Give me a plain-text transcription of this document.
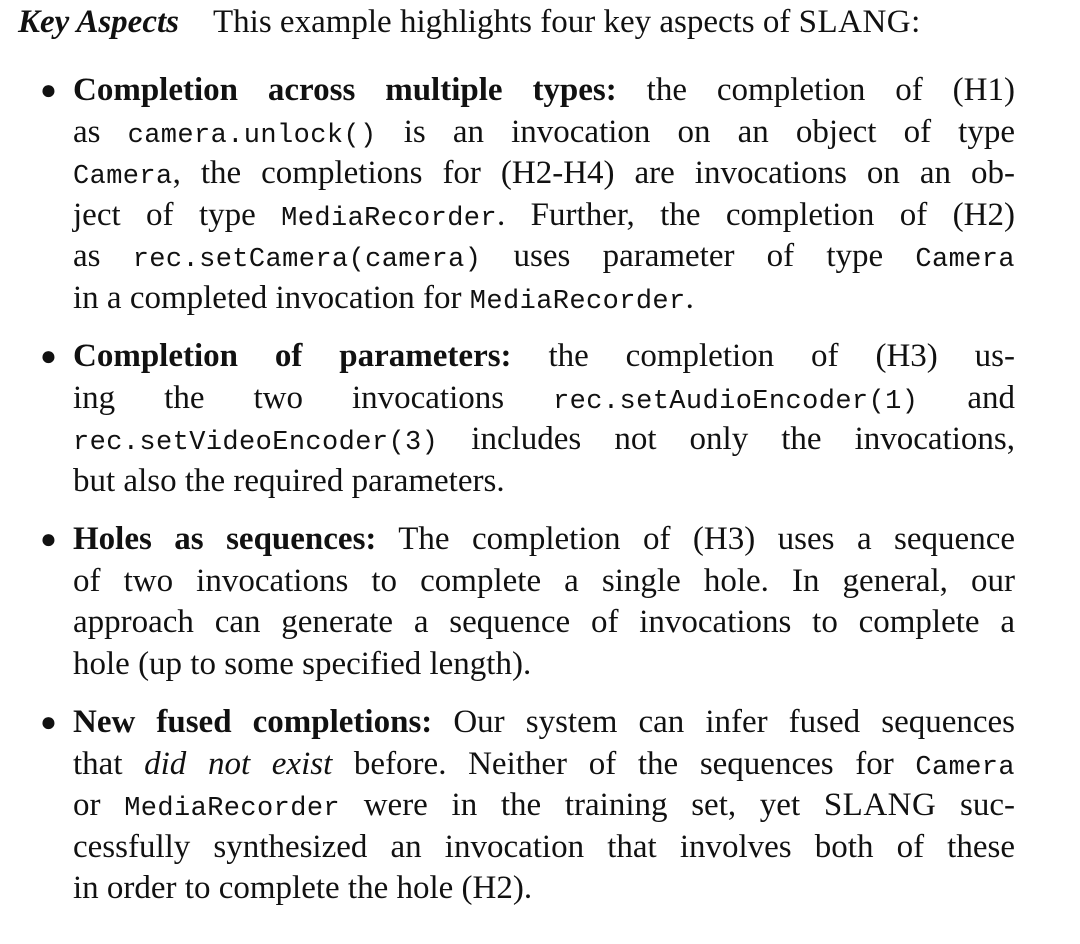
Key Aspects This example highlights four key aspects of SLANG:
● Completion across multiple types: the completion of (H1)
as camera.unlock() is an invocation on an object of type
Camera, the completions for (H2-H4) are invocations on an ob-
ject of type MediaRecorder. Further, the completion of (H2)
as rec.setCamera(camera) uses parameter of type Camera
in a completed invocation for MediaRecorder.
● Completion of parameters: the completion of (H3) us-
ing the two invocations rec.setAudioEncoder(1) and
rec.setVideoEncoder(3) includes not only the invocations,
but also the required parameters.
● Holes as sequences: The completion of (H3) uses a sequence
of two invocations to complete a single hole. In general, our
approach can generate a sequence of invocations to complete a
hole (up to some specified length).
● New fused completions: Our system can infer fused sequences
that did not exist before. Neither of the sequences for Camera
or MediaRecorder were in the training set, yet SLANG suc-
cessfully synthesized an invocation that involves both of these
in order to complete the hole (H2).
